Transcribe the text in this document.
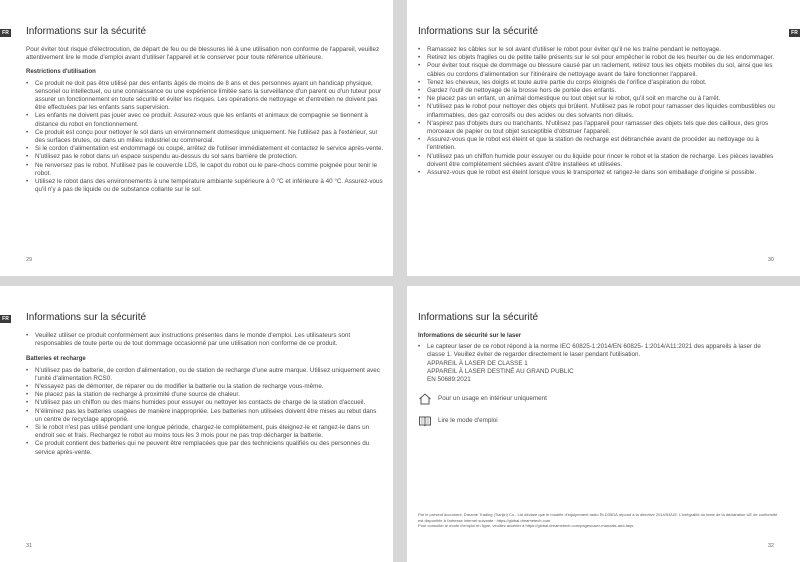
FR Informations sur la sécurité

Pour éviter tout risque d'électrocution, de départ de feu ou de blessures lié à une utilisation non conforme de l'appareil, veuillez attentivement lire le mode d'emploi avant d'utiliser l'appareil et le conserver pour toute référence ultérieure.

Restrictions d'utilisation
• Ce produit ne doit pas être utilisé par des enfants âgés de moins de 8 ans et des personnes ayant un handicap physique, sensoriel ou intellectuel, ou une connaissance ou une expérience limitée sans la surveillance d'un parent ou d'un tuteur pour assurer un fonctionnement en toute sécurité et éviter les risques. Les opérations de nettoyage et d'entretien ne doivent pas être effectuées par les enfants sans supervision.
• Les enfants ne doivent pas jouer avec ce produit. Assurez-vous que les enfants et animaux de compagnie se tiennent à distance du robot en fonctionnement.
• Ce produit est conçu pour nettoyer le sol dans un environnement domestique uniquement. Ne l'utilisez pas à l'extérieur, sur des surfaces brutes, ou dans un milieu industriel ou commercial.
• Si le cordon d'alimentation est endommagé ou coupé, arrêtez de l'utiliser immédiatement et contactez le service après-vente.
• N'utilisez pas le robot dans un espace suspendu au-dessus du sol sans barrière de protection.
• Ne renversez pas le robot. N'utilisez pas le couvercle LDS, le capot du robot ou le pare-chocs comme poignée pour tenir le robot.
• Utilisez le robot dans des environnements à une température ambiante supérieure à 0 °C et inférieure à 40 °C. Assurez-vous qu'il n'y a pas de liquide ou de substance collante sur le sol.
29
FR
Informations sur la sécurité
• Ramassez les câbles sur le sol avant d'utiliser le robot pour éviter qu'il ne les traîne pendant le nettoyage.
• Retirez les objets fragiles ou de petite taille présents sur le sol pour empêcher le robot de les heurter ou de les endommager.
• Pour éviter tout risque de dommage ou blessure causé par un raclement, retirez tous les objets mobiles du sol, ainsi que les câbles ou cordons d'alimentation sur l'itinéraire de nettoyage avant de faire fonctionner l'appareil.
• Tenez les cheveux, les doigts et toute autre partie du corps éloignés de l'orifice d'aspiration du robot.
• Gardez l'outil de nettoyage de la brosse hors de portée des enfants.
• Ne placez pas un enfant, un animal domestique ou tout objet sur le robot, qu'il soit en marche ou à l'arrêt.
• N'utilisez pas le robot pour nettoyer des objets qui brûlent. N'utilisez pas le robot pour ramasser des liquides combustibles ou inflammables, des gaz corrosifs ou des acides ou des solvants non dilués.
• N'aspirez pas d'objets durs ou tranchants. N'utilisez pas l'appareil pour ramasser des objets tels que des cailloux, des gros morceaux de papier ou tout objet susceptible d'obstruer l'appareil.
• Assurez-vous que le robot est éteint et que la station de recharge est débranchée avant de procéder au nettoyage ou à l'entretien.
• N'utilisez pas un chiffon humide pour essuyer ou du liquide pour rincer le robot et la station de recharge. Les pièces lavables doivent être complètement séchées avant d'être installées et utilisées.
• Assurez-vous que le robot est éteint lorsque vous le transportez et rangez-le dans son emballage d'origine si possible.
30
FR Informations sur la sécurité
• Veuillez utiliser ce produit conformément aux instructions présentes dans le monde d'emploi. Les utilisateurs sont responsables de toute perte ou de tout dommage occasionné par une utilisation non conforme de ce produit.
Batteries et recharge
• N'utilisez pas de batterie, de cordon d'alimentation, ou de station de recharge d'une autre marque. Utilisez uniquement avec l'unité d'alimentation RCS0.
• N'essayez pas de démonter, de réparer ou de modifier la batterie ou la station de recharge vous-même.
• Ne placez pas la station de recharge à proximité d'une source de chaleur.
• N'utilisez pas un chiffon ou des mains humides pour essuyer ou nettoyer les contacts de charge de la station d'accueil.
• N'éliminez pas les batteries usagées de manière inappropriée. Les batteries non utilisées doivent être mises au rebut dans un centre de recyclage approprié.
• Si le robot n'est pas utilisé pendant une longue période, chargez-le complètement, puis éteignez-le et rangez-le dans un endroit sec et frais. Rechargez le robot au moins tous les 3 mois pour ne pas trop décharger la batterie.
• Ce produit contient des batteries qui ne peuvent être remplacées que par des techniciens qualifiés ou des personnes du service après-vente.
31
Informations sur la sécurité
Informations de sécurité sur le laser
• Le capteur laser de ce robot répond à la norme IEC 60825-1:2014/EN 60825- 1:2014/A11:2021 des appareils à laser de classe 1. Veuillez éviter de regarder directement le laser pendant l'utilisation.
APPAREIL À LASER DE CLASSE 1
APPAREIL À LASER DESTINÉ AU GRAND PUBLIC
EN 50689:2021
Pour un usage en intérieur uniquement
Lire le mode d'emploi
Par le présent document, Dreame Trading (Tianjin) Co., Ltd déclare que le modèle d'équipement radio RLD35GA répond à la directive 2014/53/UE. L'intégralité du texte de la déclaration UE de conformité est disponible à l'adresse internet suivante : https://global.dreametech.com
Pour consulter le mode d'emploi en ligne, veuillez accéder à https://global.dreametech.com/pages/user-manuals-and-faqs
32
